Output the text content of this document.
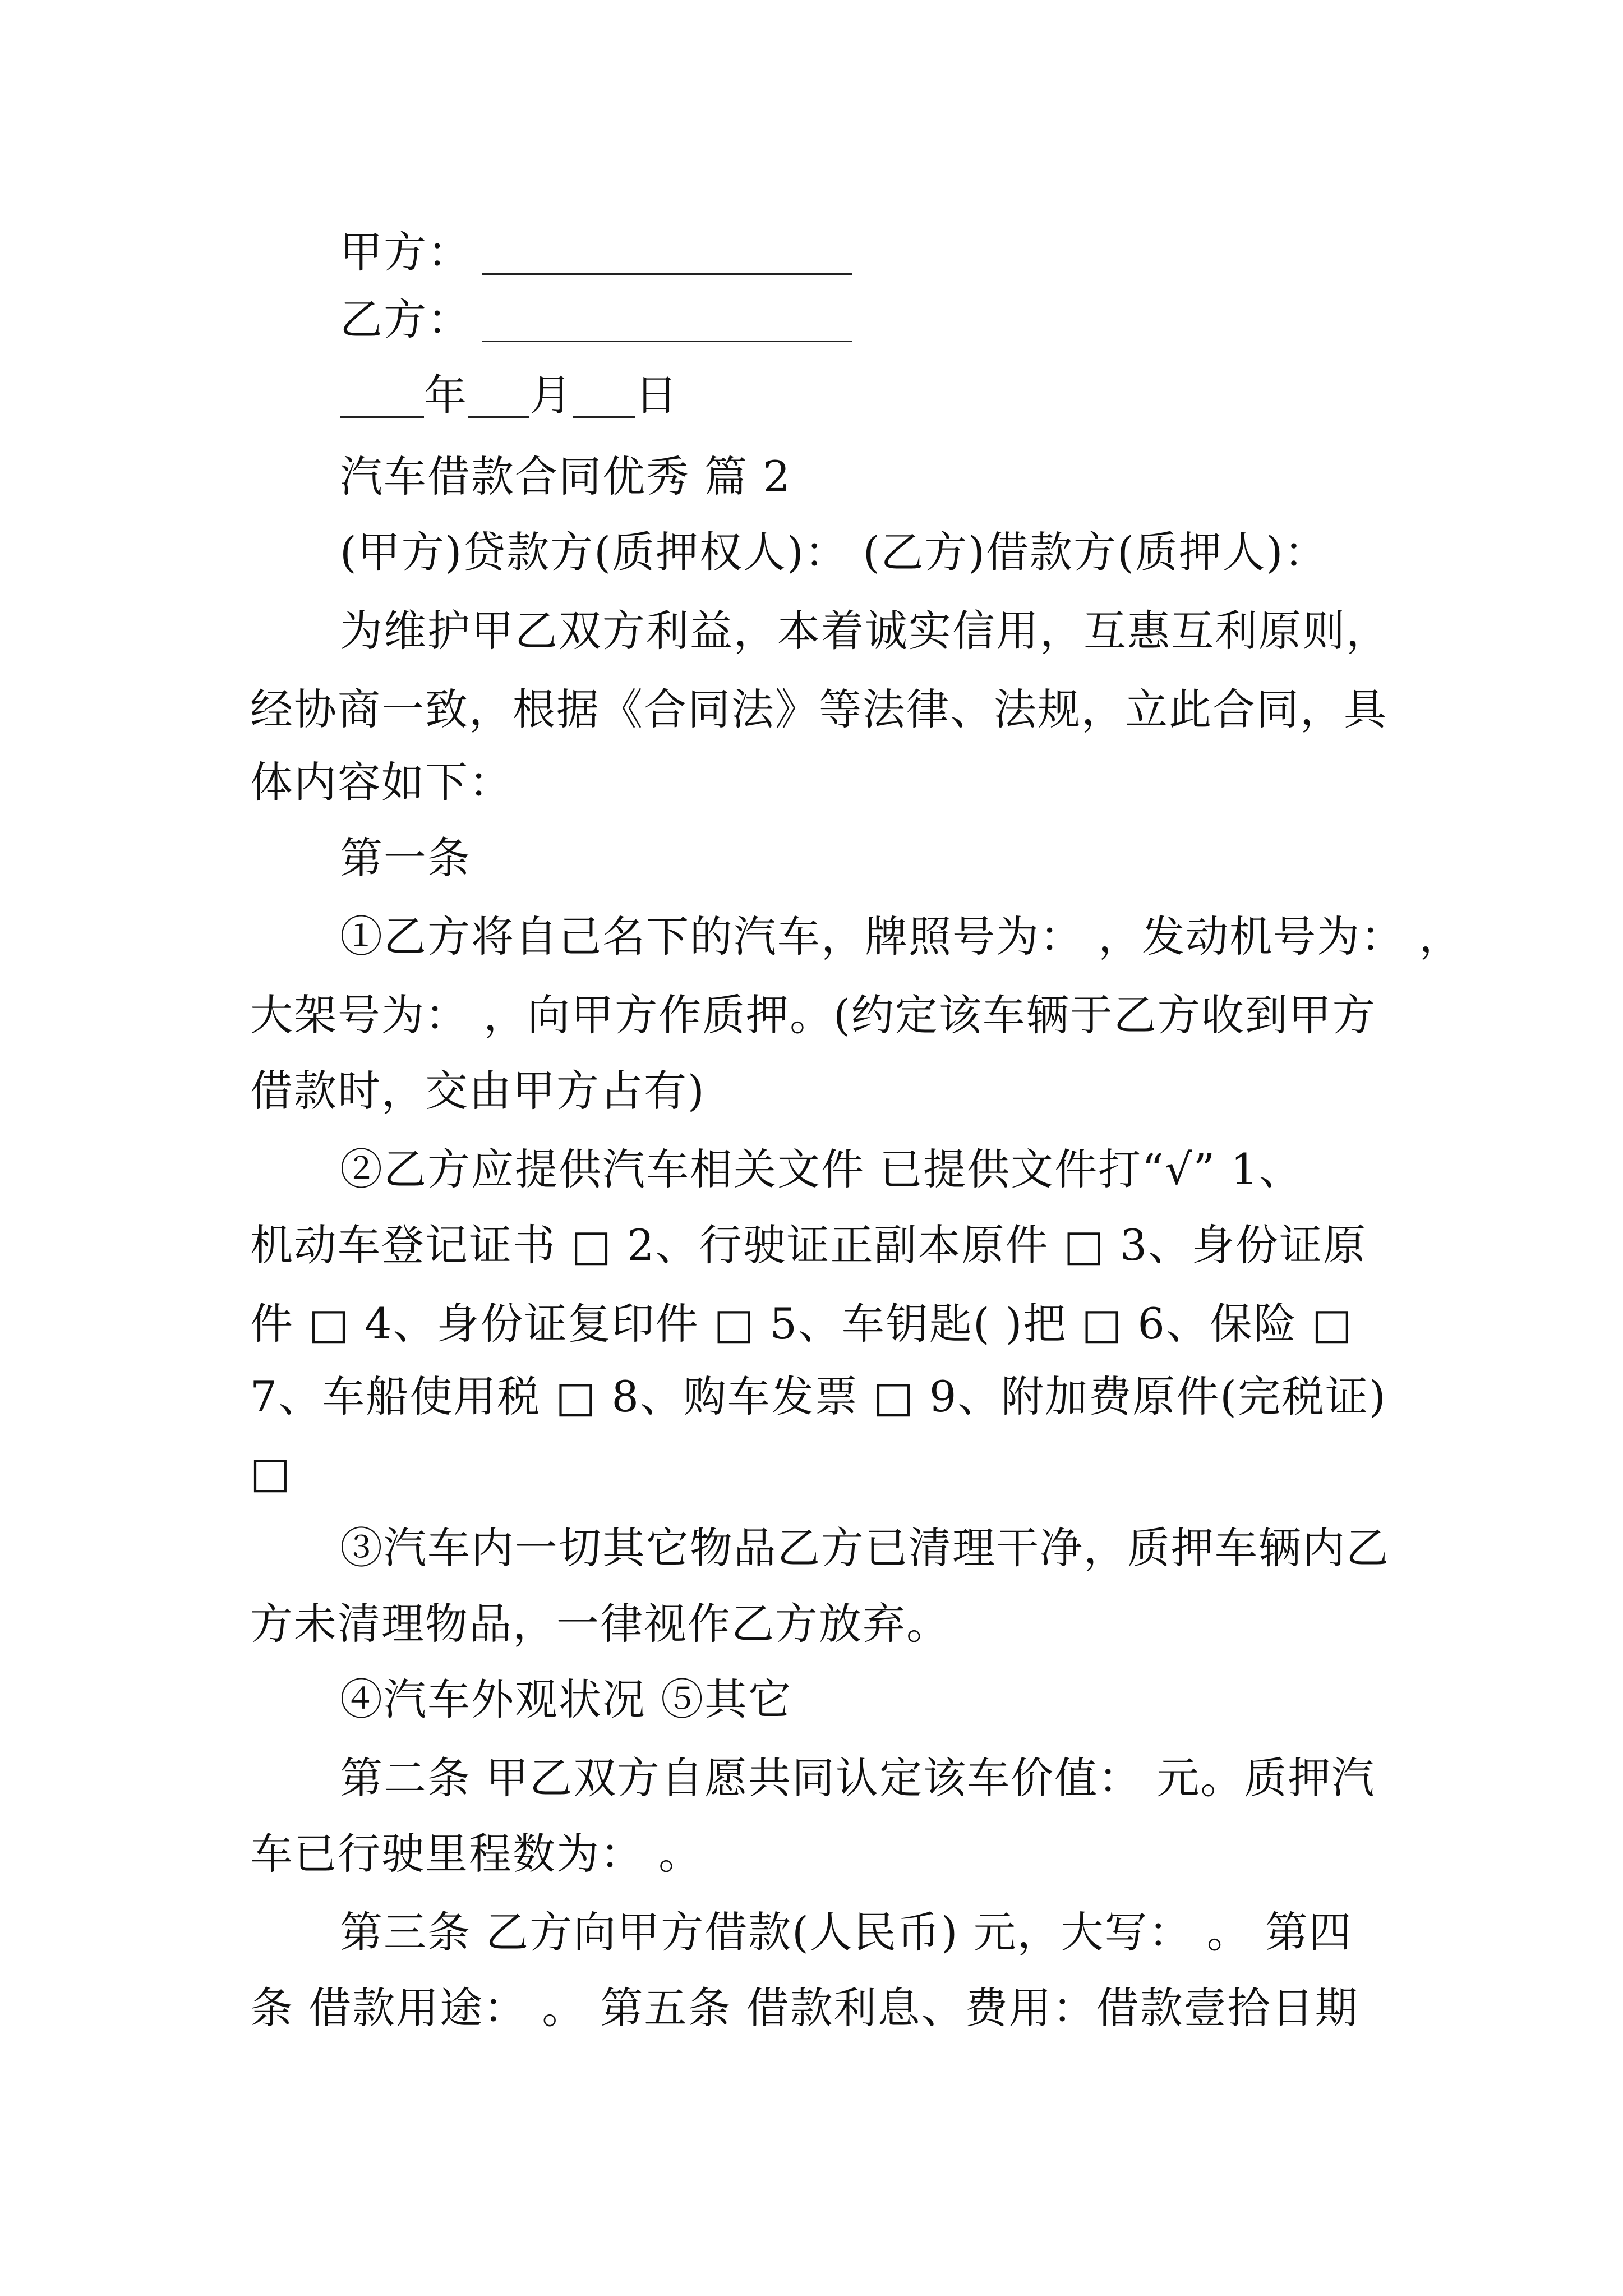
甲方：
乙方：
年 月 日
汽车借款合同优秀 篇 2
(甲方)贷款方(质押权人)： (乙方)借款方(质押人)：
为维护甲乙双方利益，本着诚实信用，互惠互利原则，
经协商一致，根据《合同法》等法律、法规，立此合同，具
体内容如下：
第一条
①乙方将自己名下的汽车，牌照号为： ，发动机号为： ，
大架号为： ，向甲方作质押。(约定该车辆于乙方收到甲方
借款时，交由甲方占有)
②乙方应提供汽车相关文件 已提供文件打“√” 1、
机动车登记证书 □ 2、行驶证正副本原件 □ 3、身份证原
件 □ 4、身份证复印件 □ 5、车钥匙( )把 □ 6、保险 □
7、车船使用税 □ 8、购车发票 □ 9、附加费原件(完税证)
□
③汽车内一切其它物品乙方已清理干净，质押车辆内乙
方未清理物品，一律视作乙方放弃。
④汽车外观状况 ⑤其它
第二条 甲乙双方自愿共同认定该车价值： 元。质押汽
车已行驶里程数为： 。
第三条 乙方向甲方借款(人民币) 元，大写： 。 第四
条 借款用途： 。 第五条 借款利息、费用：借款壹拾日期
